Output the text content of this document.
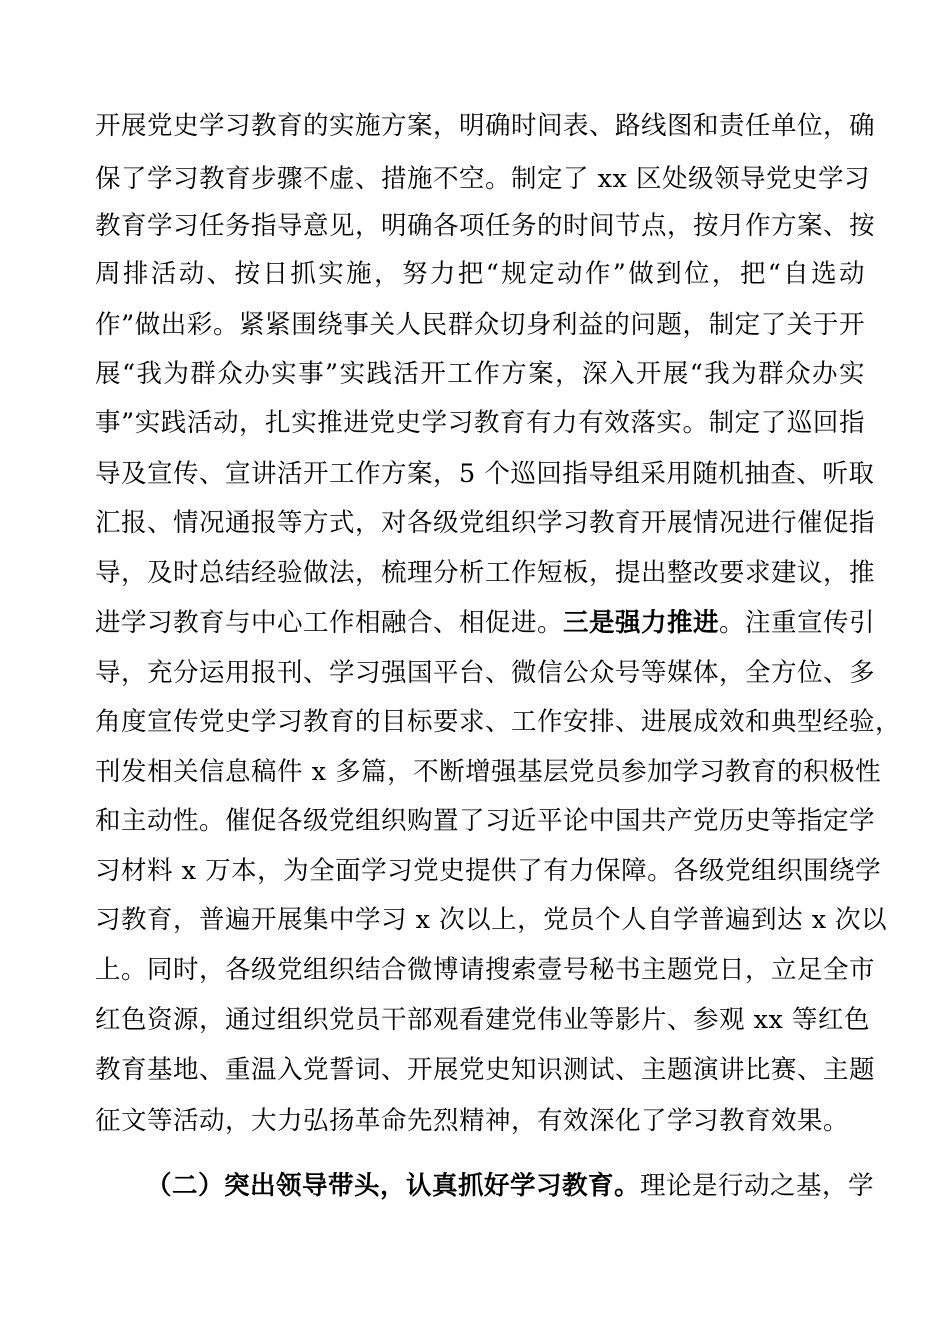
开展党史学习教育的实施方案，明确时间表、路线图和责任单位，确
保了学习教育步骤不虚、措施不空。制定了 xx 区处级领导党史学习
教育学习任务指导意见，明确各项任务的时间节点，按月作方案、按
周排活动、按日抓实施，努力把“规定动作”做到位，把“自选动
作”做出彩。紧紧围绕事关人民群众切身利益的问题，制定了关于开
展“我为群众办实事”实践活开工作方案，深入开展“我为群众办实
事”实践活动，扎实推进党史学习教育有力有效落实。制定了巡回指
导及宣传、宣讲活开工作方案，5 个巡回指导组采用随机抽查、听取
汇报、情况通报等方式，对各级党组织学习教育开展情况进行催促指
导，及时总结经验做法，梳理分析工作短板，提出整改要求建议，推
进学习教育与中心工作相融合、相促进。三是强力推进。注重宣传引
导，充分运用报刊、学习强国平台、微信公众号等媒体，全方位、多
角度宣传党史学习教育的目标要求、工作安排、进展成效和典型经验，
刊发相关信息稿件 x 多篇，不断增强基层党员参加学习教育的积极性
和主动性。催促各级党组织购置了习近平论中国共产党历史等指定学
习材料 x 万本，为全面学习党史提供了有力保障。各级党组织围绕学
习教育，普遍开展集中学习 x 次以上，党员个人自学普遍到达 x 次以
上。同时，各级党组织结合微博请搜索壹号秘书主题党日，立足全市
红色资源，通过组织党员干部观看建党伟业等影片、参观 xx 等红色
教育基地、重温入党誓词、开展党史知识测试、主题演讲比赛、主题
征文等活动，大力弘扬革命先烈精神，有效深化了学习教育效果。
（二）突出领导带头，认真抓好学习教育。理论是行动之基，学
